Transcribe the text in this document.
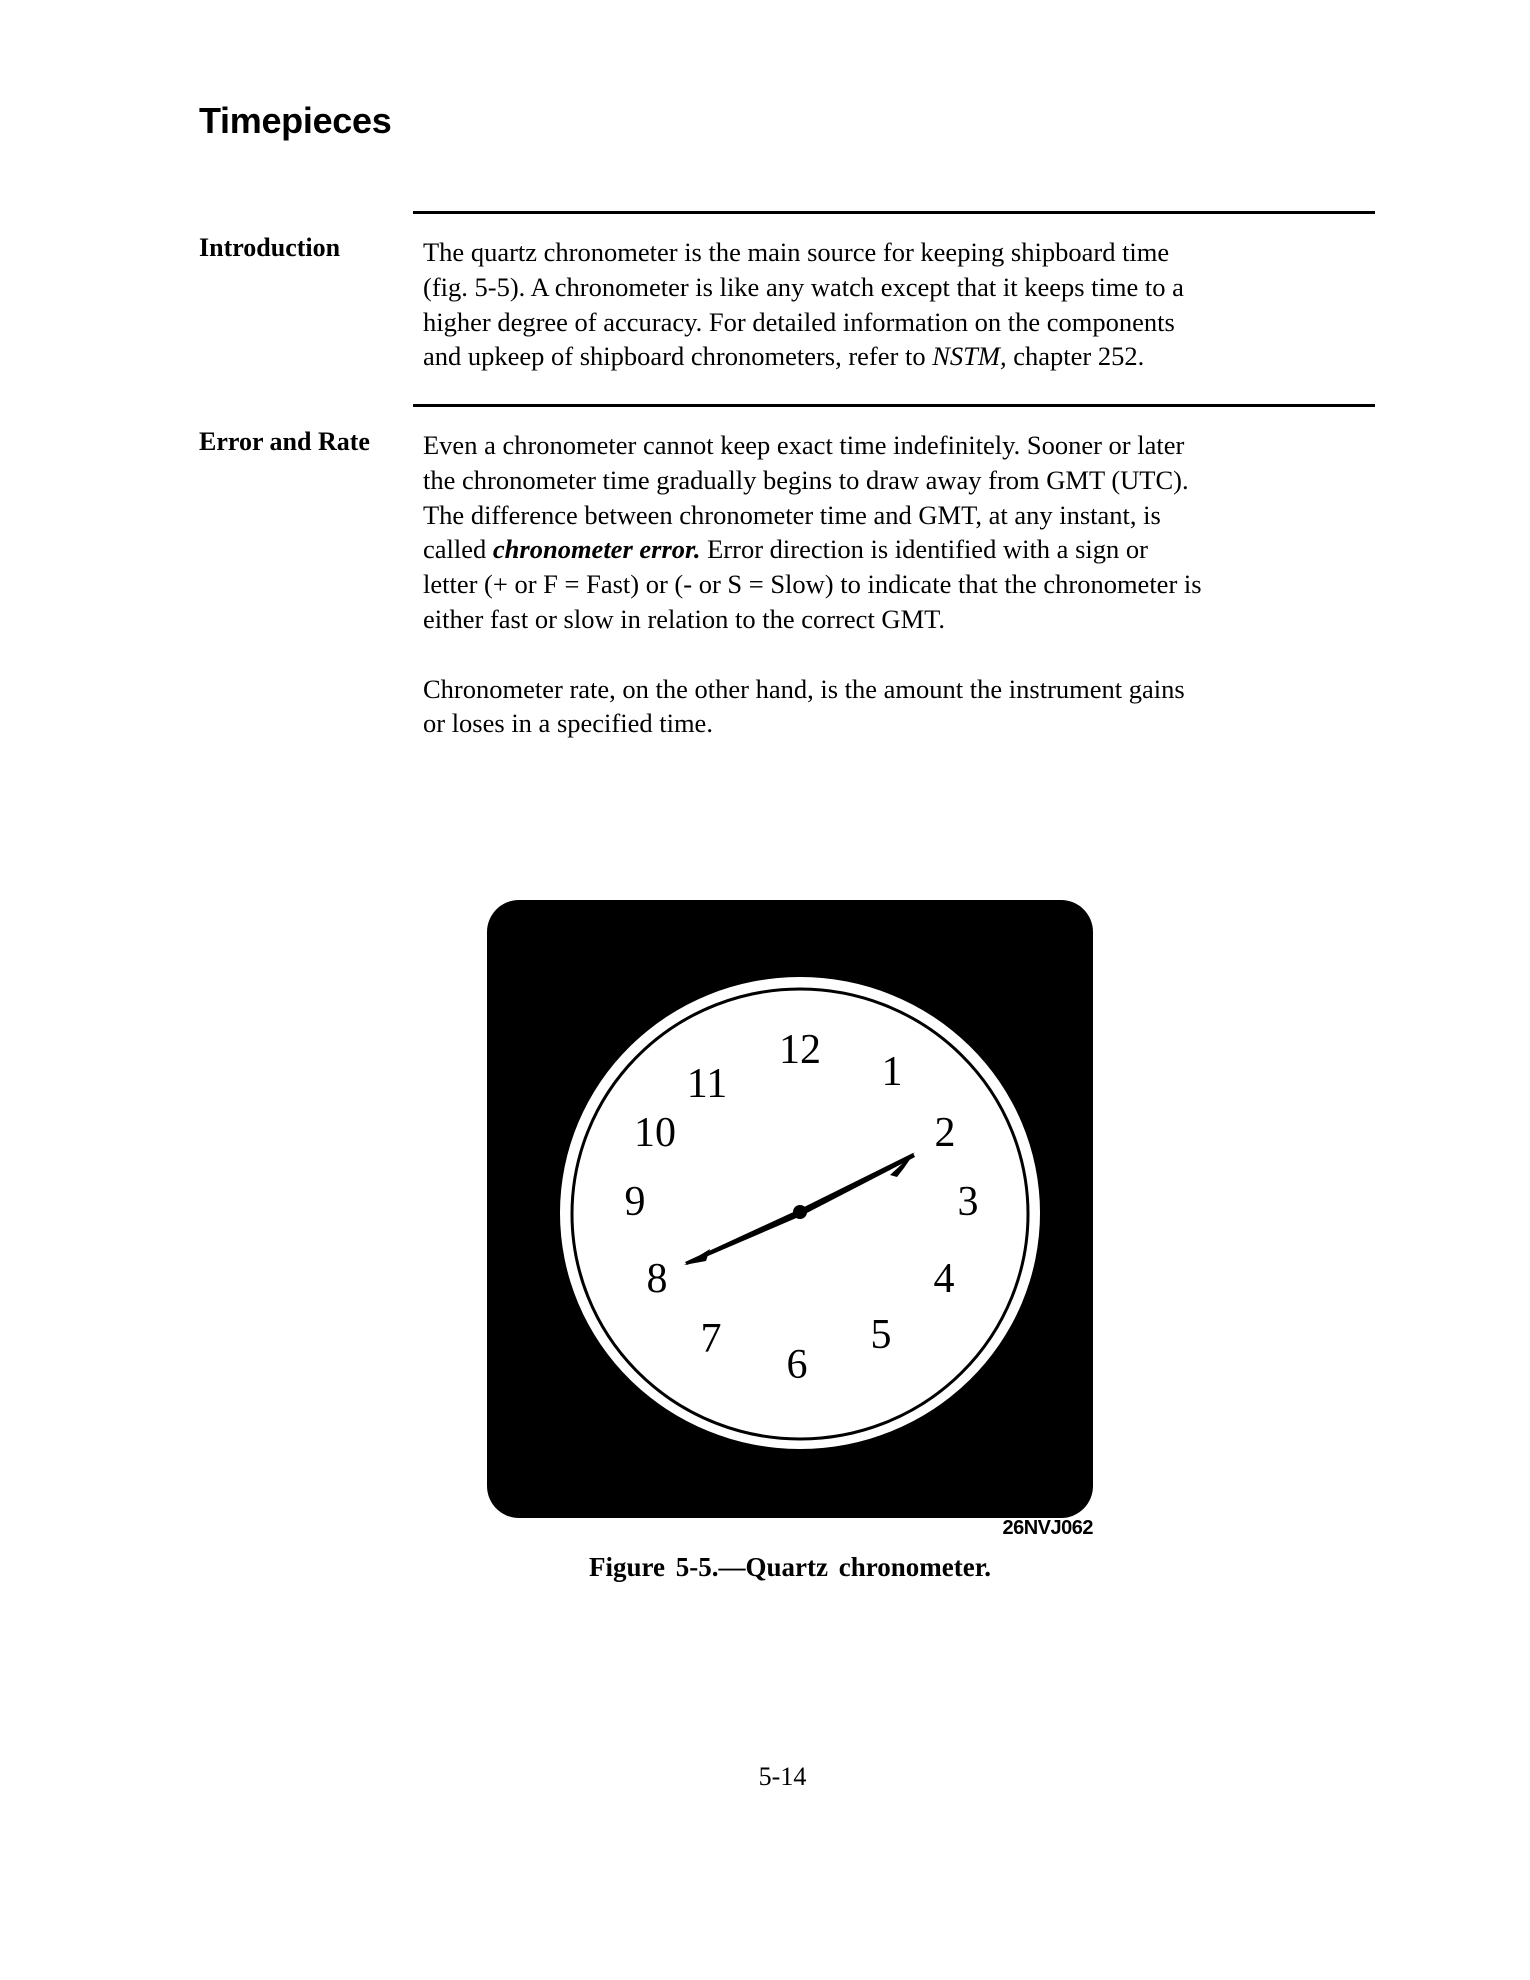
Timepieces
Introduction	The quartz chronometer is the main source for keeping shipboard time

(fig. 5-5). A chronometer is like any watch except that it keeps time to a

higher degree of accuracy. For detailed information on the components

and upkeep of shipboard chronometers, refer to NSTM, chapter 252.

Error and Rate Even a chronometer cannot keep exact time indefinitely. Sooner or later

the chronometer time gradually begins to draw away from GMT (UTC).

The difference between chronometer time and GMT, at any instant, is

called chronometer error. Error direction is identified with a sign or

letter (+ or F = Fast) or (- or S = Slow) to indicate that the chronometer is

either fast or slow in relation to the correct GMT.

Chronometer rate, on the other hand, is the amount the instrument gains

or loses in a specified time.

12 1
2
3
4
5
6
7
8
9
10
11
26NVJ062
Figure 5-5.—Quartz chronometer.
5-14
